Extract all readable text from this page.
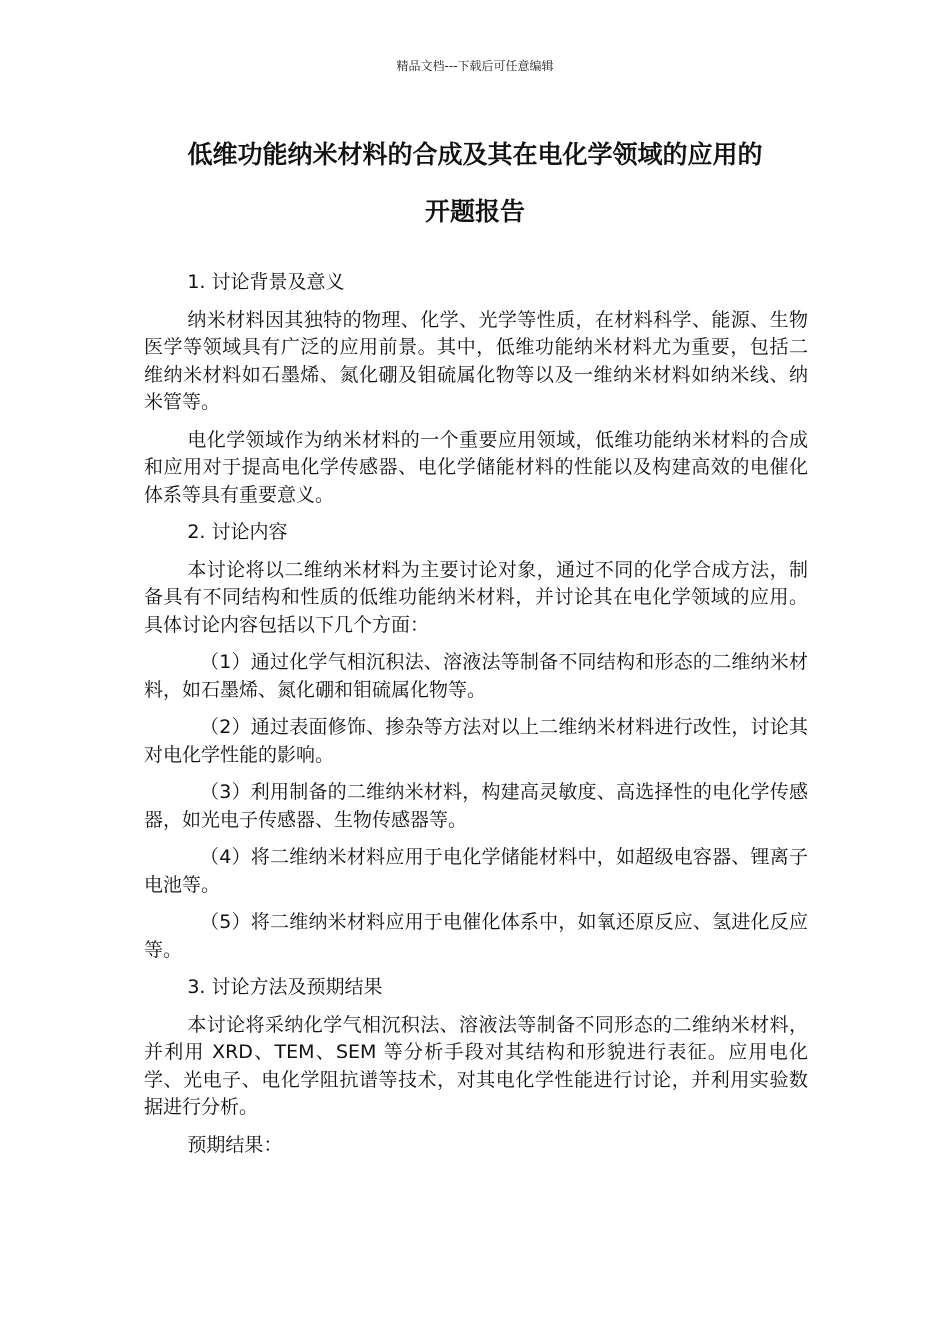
精品文档---下载后可任意编辑
低维功能纳米材料的合成及其在电化学领域的应用的
开题报告

1. 讨论背景及意义

纳米材料因其独特的物理、化学、光学等性质，在材料科学、能源、生物医学等领域具有广泛的应用前景。其中，低维功能纳米材料尤为重要，包括二维纳米材料如石墨烯、氮化硼及钼硫属化物等以及一维纳米材料如纳米线、纳米管等。

电化学领域作为纳米材料的一个重要应用领域，低维功能纳米材料的合成和应用对于提高电化学传感器、电化学储能材料的性能以及构建高效的电催化体系等具有重要意义。

2. 讨论内容

本讨论将以二维纳米材料为主要讨论对象，通过不同的化学合成方法，制备具有不同结构和性质的低维功能纳米材料，并讨论其在电化学领域的应用。具体讨论内容包括以下几个方面：

（1）通过化学气相沉积法、溶液法等制备不同结构和形态的二维纳米材料，如石墨烯、氮化硼和钼硫属化物等。

（2）通过表面修饰、掺杂等方法对以上二维纳米材料进行改性，讨论其对电化学性能的影响。

（3）利用制备的二维纳米材料，构建高灵敏度、高选择性的电化学传感器，如光电子传感器、生物传感器等。

（4）将二维纳米材料应用于电化学储能材料中，如超级电容器、锂离子电池等。

（5）将二维纳米材料应用于电催化体系中，如氧还原反应、氢进化反应等。

3. 讨论方法及预期结果

本讨论将采纳化学气相沉积法、溶液法等制备不同形态的二维纳米材料，并利用 XRD、TEM、SEM 等分析手段对其结构和形貌进行表征。应用电化学、光电子、电化学阻抗谱等技术，对其电化学性能进行讨论，并利用实验数据进行分析。

预期结果：
